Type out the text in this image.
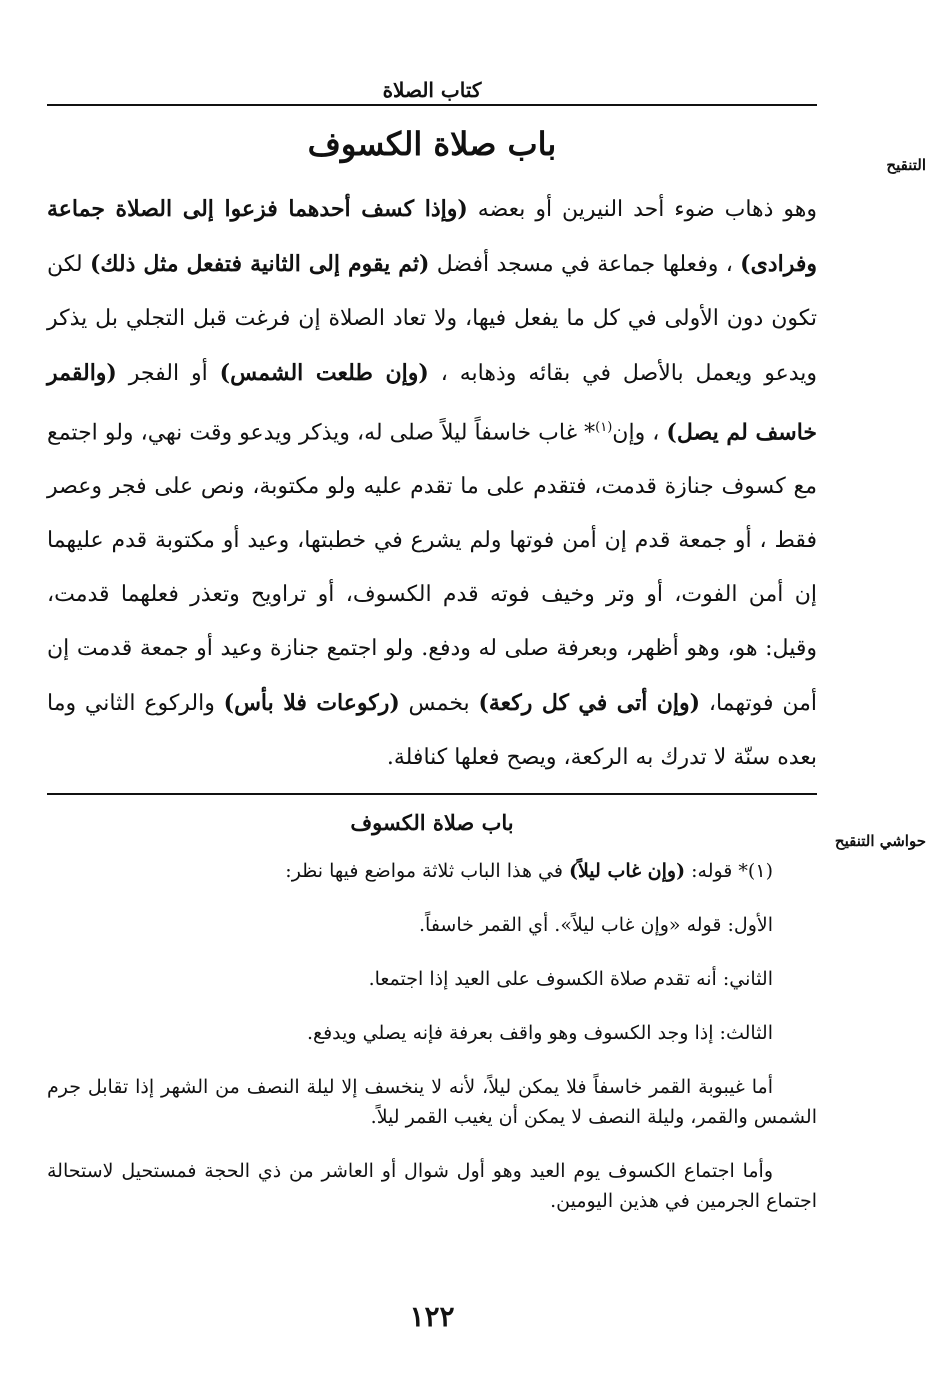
كتاب الصلاة
التنقيح
باب صلاة الكسوف

وهو ذهاب ضوء أحد النيرين أو بعضه (وإذا كسف أحدهما فزعوا إلى الصلاة جماعة وفرادى) ، وفعلها جماعة في مسجد أفضل (ثم يقوم إلى الثانية فتفعل مثل ذلك) لكن تكون دون الأولى في كل ما يفعل فيها، ولا تعاد الصلاة إن فرغت قبل التجلي بل يذكر ويدعو ويعمل بالأصل في بقائه وذهابه ، (وإن طلعت الشمس) أو الفجر (والقمر خاسف لم يصل) ، وإن$^{(١)}$* غاب خاسفاً ليلاً صلى له، ويذكر ويدعو وقت نهي، ولو اجتمع مع كسوف جنازة قدمت، فتقدم على ما تقدم عليه ولو مكتوبة، ونص على فجر وعصر فقط ، أو جمعة قدم إن أمن فوتها ولم يشرع في خطبتها، وعيد أو مكتوبة قدم عليهما إن أمن الفوت، أو وتر وخيف فوته قدم الكسوف، أو تراويح وتعذر فعلهما قدمت، وقيل: هو، وهو أظهر، وبعرفة صلى له ودفع. ولو اجتمع جنازة وعيد أو جمعة قدمت إن أمن فوتهما، (وإن أتى في كل ركعة) بخمس (ركوعات فلا بأس) والركوع الثاني وما بعده سنّة لا تدرك به الركعة، ويصح فعلها كنافلة.

حواشي التنقيح
باب صلاة الكسوف

(١)* قوله: (وإن غاب ليلاً) في هذا الباب ثلاثة مواضع فيها نظر:

الأول: قوله «وإن غاب ليلاً». أي القمر خاسفاً.

الثاني: أنه تقدم صلاة الكسوف على العيد إذا اجتمعا.

الثالث: إذا وجد الكسوف وهو واقف بعرفة فإنه يصلي ويدفع.

أما غيبوبة القمر خاسفاً فلا يمكن ليلاً، لأنه لا ينخسف إلا ليلة النصف من الشهر إذا تقابل جرم الشمس والقمر، وليلة النصف لا يمكن أن يغيب القمر ليلاً.

وأما اجتماع الكسوف يوم العيد وهو أول شوال أو العاشر من ذي الحجة فمستحيل لاستحالة اجتماع الجرمين في هذين اليومين.

١٢٢
